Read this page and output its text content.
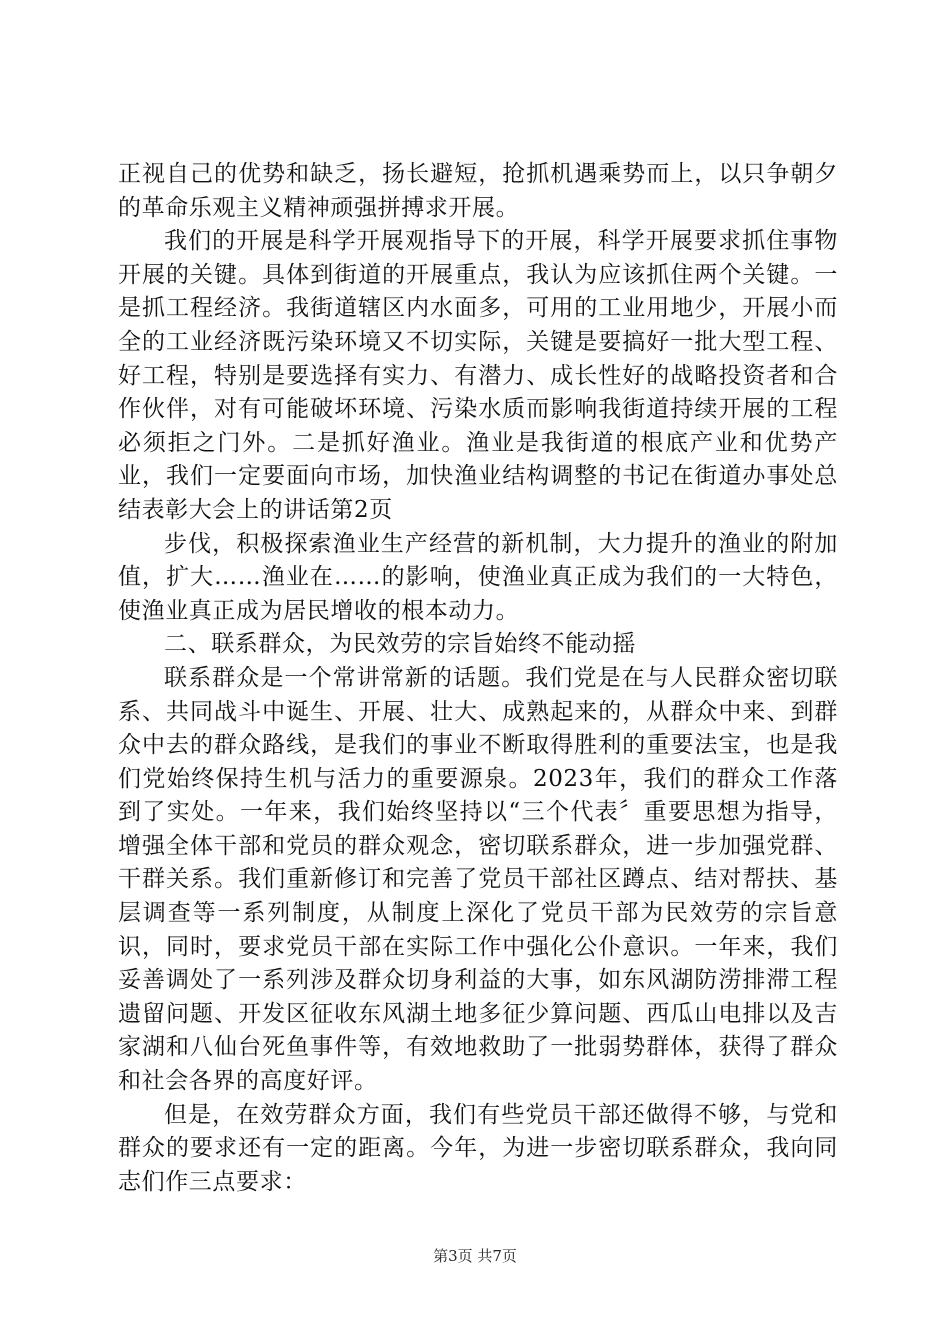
正视自己的优势和缺乏，扬长避短，抢抓机遇乘势而上，以只争朝夕的革命乐观主义精神顽强拼搏求开展。

我们的开展是科学开展观指导下的开展，科学开展要求抓住事物开展的关键。具体到街道的开展重点，我认为应该抓住两个关键。一是抓工程经济。我街道辖区内水面多，可用的工业用地少，开展小而全的工业经济既污染环境又不切实际，关键是要搞好一批大型工程、好工程，特别是要选择有实力、有潜力、成长性好的战略投资者和合作伙伴，对有可能破坏环境、污染水质而影响我街道持续开展的工程必须拒之门外。二是抓好渔业。渔业是我街道的根底产业和优势产业，我们一定要面向市场，加快渔业结构调整的书记在街道办事处总结表彰大会上的讲话第2页

步伐，积极探索渔业生产经营的新机制，大力提升的渔业的附加值，扩大……渔业在……的影响，使渔业真正成为我们的一大特色，使渔业真正成为居民增收的根本动力。

二、联系群众，为民效劳的宗旨始终不能动摇

联系群众是一个常讲常新的话题。我们党是在与人民群众密切联系、共同战斗中诞生、开展、壮大、成熟起来的，从群众中来、到群众中去的群众路线，是我们的事业不断取得胜利的重要法宝，也是我们党始终保持生机与活力的重要源泉。2023年，我们的群众工作落到了实处。一年来，我们始终坚持以“三个代表〞重要思想为指导，增强全体干部和党员的群众观念，密切联系群众，进一步加强党群、干群关系。我们重新修订和完善了党员干部社区蹲点、结对帮扶、基层调查等一系列制度，从制度上深化了党员干部为民效劳的宗旨意识，同时，要求党员干部在实际工作中强化公仆意识。一年来，我们妥善调处了一系列涉及群众切身利益的大事，如东风湖防涝排滞工程遗留问题、开发区征收东风湖土地多征少算问题、西瓜山电排以及吉家湖和八仙台死鱼事件等，有效地救助了一批弱势群体，获得了群众和社会各界的高度好评。

但是，在效劳群众方面，我们有些党员干部还做得不够，与党和群众的要求还有一定的距离。今年，为进一步密切联系群众，我向同志们作三点要求：

第3页 共7页
